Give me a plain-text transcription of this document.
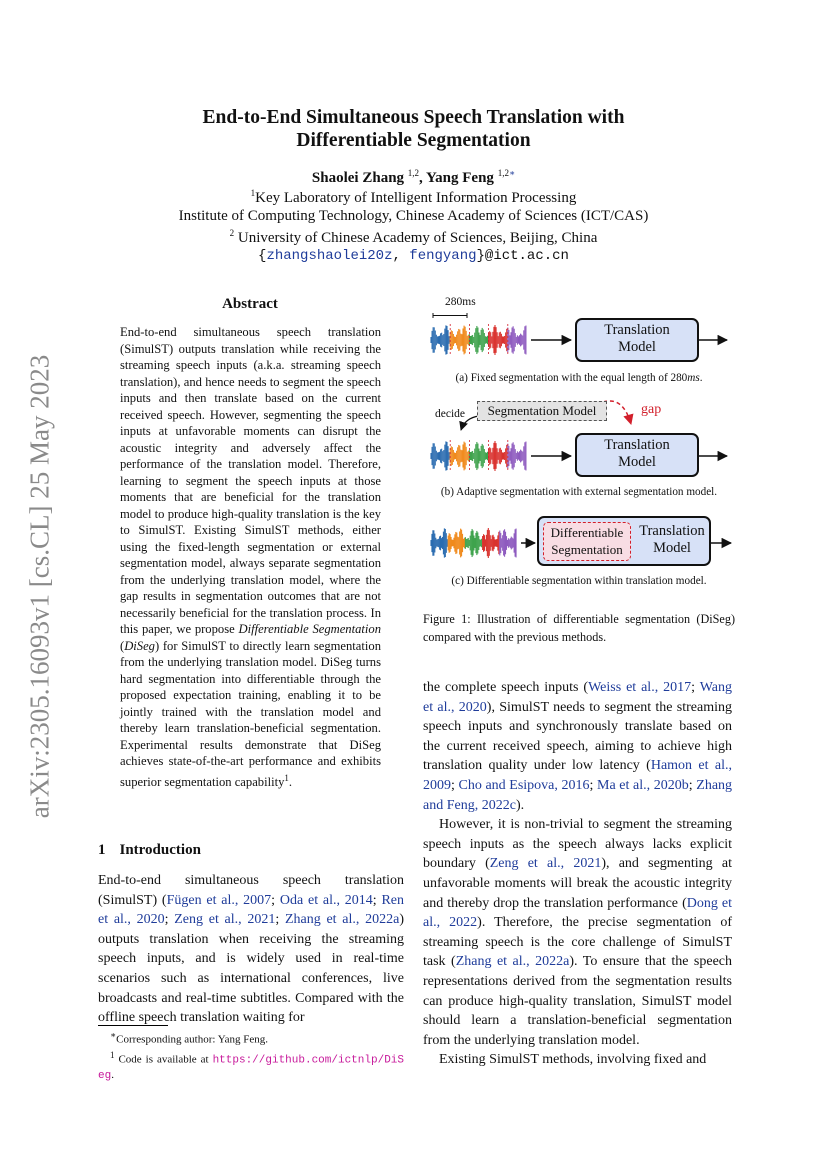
End-to-End Simultaneous Speech Translation with
Differentiable Segmentation
Shaolei Zhang $^{1,2}$, Yang Feng $^{1,2∗}$
$^1$Key Laboratory of Intelligent Information Processing
Institute of Computing Technology, Chinese Academy of Sciences (ICT/CAS)
$^2$ University of Chinese Academy of Sciences, Beijing, China
{zhangshaolei20z, fengyang}@ict.ac.cn
arXiv:2305.16093v1 [cs.CL] 25 May 2023
Abstract
End-to-end simultaneous speech translation (SimulST) outputs translation while receiving the streaming speech inputs (a.k.a. streaming speech translation), and hence needs to segment the speech inputs and then translate based on the current received speech. However, segmenting the speech inputs at unfavorable moments can disrupt the acoustic integrity and adversely affect the performance of the translation model. Therefore, learning to segment the speech inputs at those moments that are beneficial for the translation model to produce high-quality translation is the key to SimulST. Existing SimulST methods, either using the fixed-length segmentation or external segmentation model, always separate segmentation from the underlying translation model, where the gap results in segmentation outcomes that are not necessarily beneficial for the translation process. In this paper, we propose Differentiable Segmentation (DiSeg) for SimulST to directly learn segmentation from the underlying translation model. DiSeg turns hard segmentation into differentiable through the proposed expectation training, enabling it to be jointly trained with the translation model and thereby learn translation-beneficial segmentation. Experimental results demonstrate that DiSeg achieves state-of-the-art performance and exhibits superior segmentation capability$^1$.
1 Introduction
End-to-end simultaneous speech translation (SimulST) (Fügen et al., 2007; Oda et al., 2014; Ren et al., 2020; Zeng et al., 2021; Zhang et al., 2022a) outputs translation when receiving the streaming speech inputs, and is widely used in real-time scenarios such as international conferences, live broadcasts and real-time subtitles. Compared with the offline speech translation waiting for
∗Corresponding author: Yang Feng.
$^1$ Code is available at https://github.com/ictnlp/DiSeg.
280ms
Translation
Model
(a) Fixed segmentation with the equal length of 280ms.
decide	Segmentation Model	gap
Translation
Model
(b) Adaptive segmentation with external segmentation model.
Differentiable
Segmentation
Translation
Model
(c) Differentiable segmentation within translation model.
Figure 1: Illustration of differentiable segmentation (DiSeg) compared with the previous methods.
the complete speech inputs (Weiss et al., 2017; Wang et al., 2020), SimulST needs to segment the streaming speech inputs and synchronously translate based on the current received speech, aiming to achieve high translation quality under low latency (Hamon et al., 2009; Cho and Esipova, 2016; Ma et al., 2020b; Zhang and Feng, 2022c).
However, it is non-trivial to segment the streaming speech inputs as the speech always lacks explicit boundary (Zeng et al., 2021), and segmenting at unfavorable moments will break the acoustic integrity and thereby drop the translation performance (Dong et al., 2022). Therefore, the precise segmentation of streaming speech is the core challenge of SimulST task (Zhang et al., 2022a). To ensure that the speech representations derived from the segmentation results can produce high-quality translation, SimulST model should learn a translation-beneficial segmentation from the underlying translation model.
Existing SimulST methods, involving fixed and
